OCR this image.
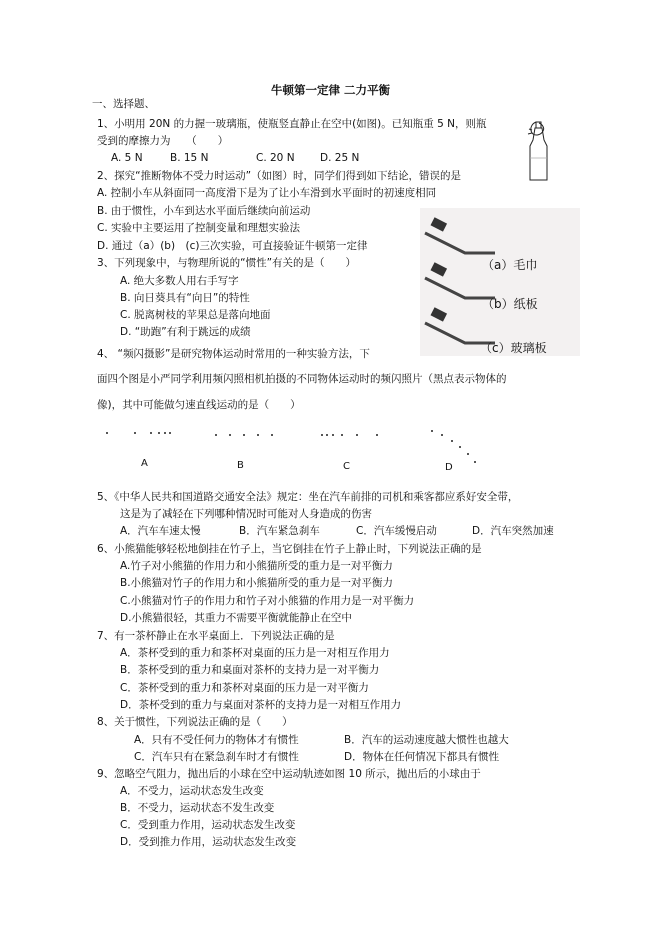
牛顿第一定律 二力平衡
一、选择题、
1、小明用 20N 的力握一玻璃瓶，使瓶竖直静止在空中(如图)。已知瓶重 5 N，则瓶
受到的摩擦力为　　（　　）
A. 5 N	B. 15 N	C. 20 N D. 25 N
2、探究“推断物体不受力时运动”（如图）时，同学们得到如下结论，错误的是
A. 控制小车从斜面同一高度滑下是为了让小车滑到水平面时的初速度相同
B. 由于惯性，小车到达水平面后继续向前运动
C. 实验中主要运用了控制变量和理想实验法
D. 通过（a）(b)　(c)三次实验，可直接验证牛顿第一定律
（a）毛巾
（b）纸板
（c）玻璃板
3、下列现象中，与物理所说的“惯性”有关的是（　　）
A. 绝大多数人用右手写字
B. 向日葵具有“向日”的特性
C. 脱离树枝的苹果总是落向地面
D. “助跑”有利于跳远的成绩
4、 “频闪摄影”是研究物体运动时常用的一种实验方法，下
面四个图是小严同学利用频闪照相机拍摄的不同物体运动时的频闪照片（黑点表示物体的
像)，其中可能做匀速直线运动的是（　　）
A	B	C	D
5、《中华人民共和国道路交通安全法》规定：坐在汽车前排的司机和乘客都应系好安全带，
这是为了减轻在下列哪种情况时可能对人身造成的伤害
A．汽车车速太慢	B．汽车紧急刹车	C．汽车缓慢启动	D．汽车突然加速
6、小熊猫能够轻松地倒挂在竹子上，当它倒挂在竹子上静止时，下列说法正确的是
A.竹子对小熊猫的作用力和小熊猫所受的重力是一对平衡力
B.小熊猫对竹子的作用力和小熊猫所受的重力是一对平衡力
C.小熊猫对竹子的作用力和竹子对小熊猫的作用力是一对平衡力
D.小熊猫很轻，其重力不需要平衡就能静止在空中
7、有一茶杯静止在水平桌面上．下列说法正确的是
A．茶杯受到的重力和茶杯对桌面的压力是一对相互作用力
B．茶杯受到的重力和桌面对茶杯的支持力是一对平衡力
C．茶杯受到的重力和茶杯对桌面的压力是一对平衡力
D．茶杯受到的重力与桌面对茶杯的支持力是一对相互作用力
8、关于惯性，下列说法正确的是（　　）
A．只有不受任何力的物体才有惯性	B．汽车的运动速度越大惯性也越大
C．汽车只有在紧急刹车时才有惯性	D．物体在任何情况下都具有惯性
9、忽略空气阻力，抛出后的小球在空中运动轨迹如图 10 所示，抛出后的小球由于
A．不受力，运动状态发生改变
B．不受力，运动状态不发生改变
C．受到重力作用，运动状态发生改变
D．受到推力作用，运动状态发生改变
